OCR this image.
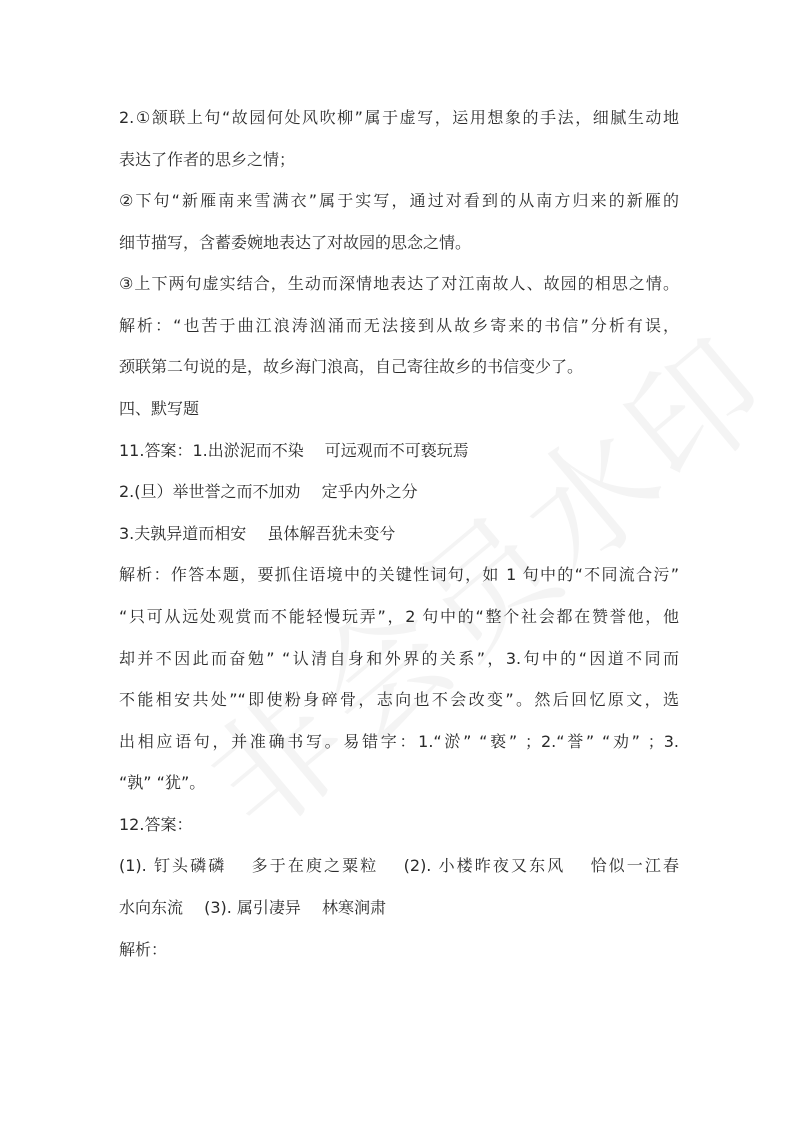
2.①颔联上句“故园何处风吹柳”属于虚写，运用想象的手法，细腻生动地
表达了作者的思乡之情；
②下句“新雁南来雪满衣”属于实写，通过对看到的从南方归来的新雁的
细节描写，含蓄委婉地表达了对故园的思念之情。
③上下两句虚实结合，生动而深情地表达了对江南故人、故园的相思之情。
解析：“也苦于曲江浪涛汹涌而无法接到从故乡寄来的书信”分析有误，
颈联第二句说的是，故乡海门浪高，自己寄往故乡的书信变少了。
四、默写题
11.答案：1.出淤泥而不染　 可远观而不可亵玩焉
2.(旦）举世誉之而不加劝　 定乎内外之分
3.夫孰异道而相安　 虽体解吾犹未变兮
解析：作答本题，要抓住语境中的关键性词句，如 1 句中的“不同流合污”
“只可从远处观赏而不能轻慢玩弄”，2 句中的“整个社会都在赞誉他，他
却并不因此而奋勉” “认清自身和外界的关系”，3.句中的“因道不同而
不能相安共处”“即使粉身碎骨，志向也不会改变”。然后回忆原文，选
出相应语句，并准确书写。易错字：1.“淤” “亵” ；2.“誉” “劝” ；3.
“孰” “犹”。
12.答案：
(1). 钉头磷磷　 多于在庾之粟粒　 (2). 小楼昨夜又东风　 恰似一江春
水向东流　 (3). 属引凄异　 林寒涧肃
解析：
